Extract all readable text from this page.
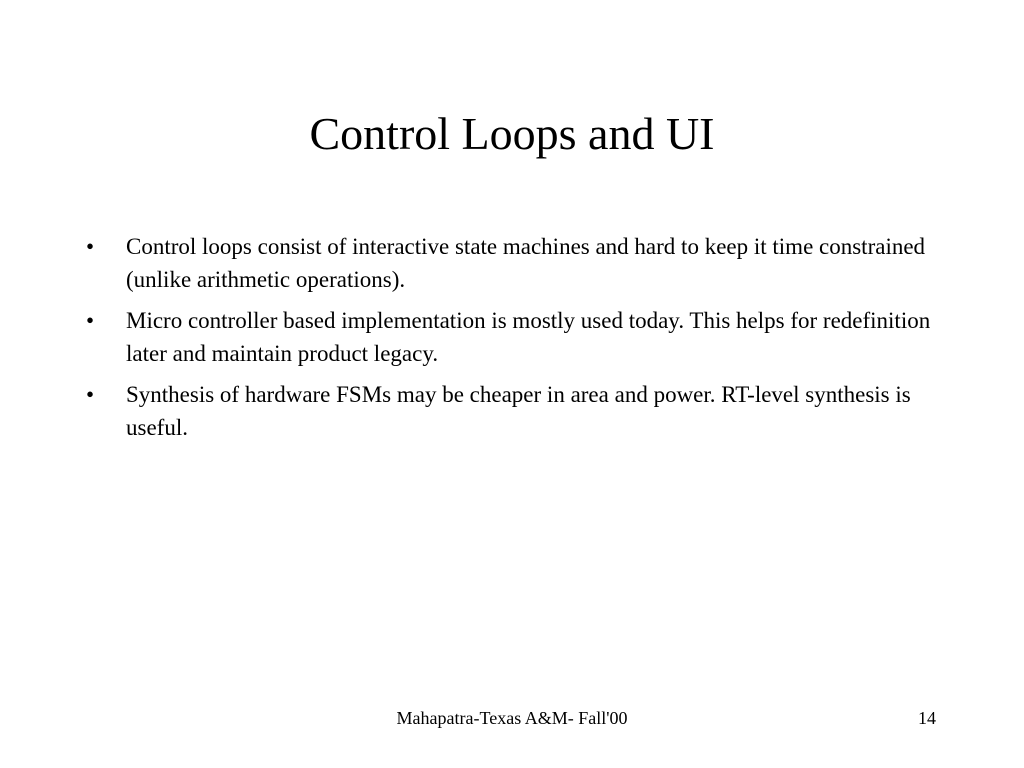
Control Loops and UI
•	Control loops consist of interactive state machines and hard to keep it time constrained (unlike arithmetic operations).
•	Micro controller based implementation is mostly used today. This helps for redefinition later and maintain product legacy.
•	Synthesis of hardware FSMs may be cheaper in area and power. RT-level synthesis is useful.
Mahapatra-Texas A&M- Fall'00	14
